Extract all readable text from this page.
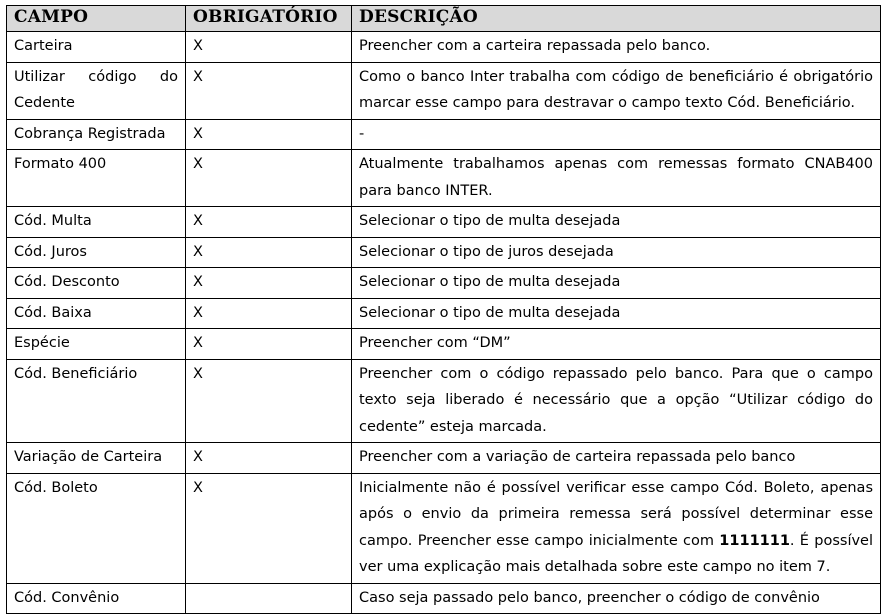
CAMPO	OBRIGATÓRIO	DESCRIÇÃO
Carteira	X	Preencher com a carteira repassada pelo banco.
Utilizar código do Cedente	X	Como o banco Inter trabalha com código de beneficiário é obrigatório marcar esse campo para destravar o campo texto Cód. Beneficiário.
Cobrança Registrada	X	-
Formato 400	X	Atualmente trabalhamos apenas com remessas formato CNAB400 para banco INTER.
Cód. Multa	X	Selecionar o tipo de multa desejada
Cód. Juros	X	Selecionar o tipo de juros desejada
Cód. Desconto	X	Selecionar o tipo de multa desejada
Cód. Baixa	X	Selecionar o tipo de multa desejada
Espécie	X	Preencher com “DM”
Cód. Beneficiário	X	Preencher com o código repassado pelo banco. Para que o campo texto seja liberado é necessário que a opção “Utilizar código do cedente” esteja marcada.
Variação de Carteira	X	Preencher com a variação de carteira repassada pelo banco
Cód. Boleto	X	Inicialmente não é possível verificar esse campo Cód. Boleto, apenas após o envio da primeira remessa será possível determinar esse campo. Preencher esse campo inicialmente com 1111111. É possível ver uma explicação mais detalhada sobre este campo no item 7.
Cód. Convênio		Caso seja passado pelo banco, preencher o código de convênio
